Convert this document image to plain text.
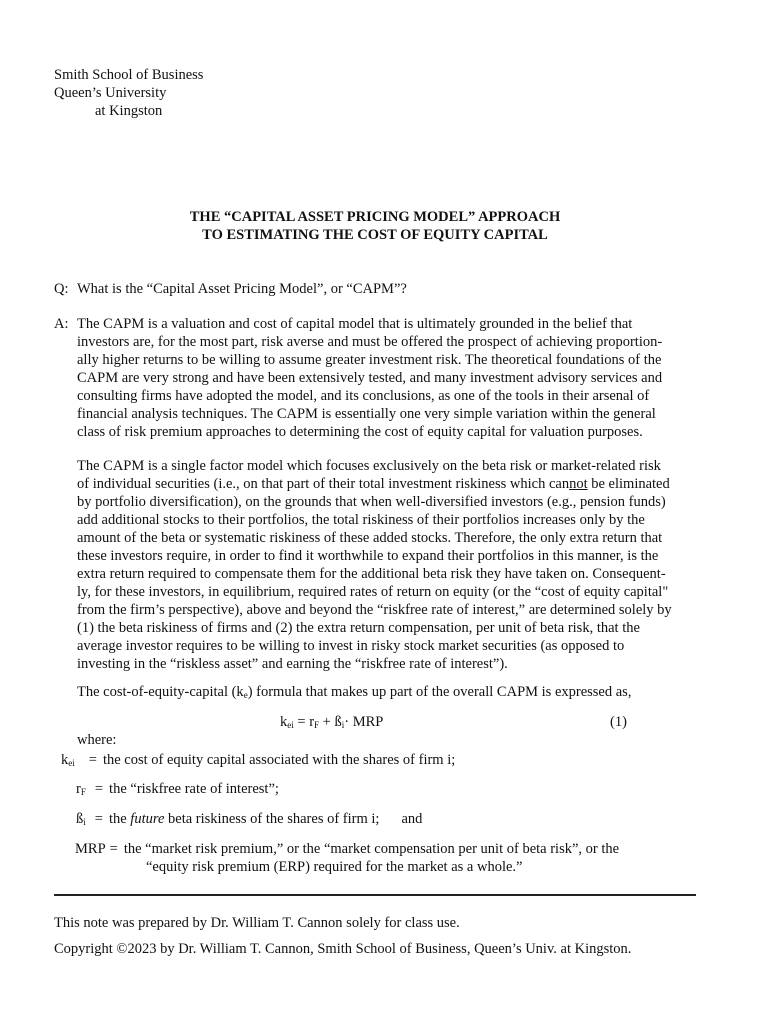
Smith School of Business
Queen’s University
at Kingston
THE “CAPITAL ASSET PRICING MODEL” APPROACH
TO ESTIMATING THE COST OF EQUITY CAPITAL
Q: What is the “Capital Asset Pricing Model”, or “CAPM”?
A: The CAPM is a valuation and cost of capital model that is ultimately grounded in the belief that
investors are, for the most part, risk averse and must be offered the prospect of achieving proportion-
ally higher returns to be willing to assume greater investment risk. The theoretical foundations of the
CAPM are very strong and have been extensively tested, and many investment advisory services and
consulting firms have adopted the model, and its conclusions, as one of the tools in their arsenal of
financial analysis techniques. The CAPM is essentially one very simple variation within the general
class of risk premium approaches to determining the cost of equity capital for valuation purposes.
The CAPM is a single factor model which focuses exclusively on the beta risk or market-related risk
of individual securities (i.e., on that part of their total investment riskiness which cannot be eliminated
by portfolio diversification), on the grounds that when well-diversified investors (e.g., pension funds)
add additional stocks to their portfolios, the total riskiness of their portfolios increases only by the
amount of the beta or systematic riskiness of these added stocks. Therefore, the only extra return that
these investors require, in order to find it worthwhile to expand their portfolios in this manner, is the
extra return required to compensate them for the additional beta risk they have taken on. Consequent-
ly, for these investors, in equilibrium, required rates of return on equity (or the “cost of equity capital"
from the firm’s perspective), above and beyond the “riskfree rate of interest,” are determined solely by
(1) the beta riskiness of firms and (2) the extra return compensation, per unit of beta risk, that the
average investor requires to be willing to invest in risky stock market securities (as opposed to
investing in the “riskless asset” and earning the “riskfree rate of interest”).
The cost-of-equity-capital $(k_e)$ formula that makes up part of the overall CAPM is expressed as,
$k_{ei} = r_F$ + $ß_i\cdot$ MRP	(1)
where:
$k_{ei}$ = the cost of equity capital associated with the shares of firm i;
$r_F$ = the “riskfree rate of interest”;
$ß_i$ = the future beta riskiness of the shares of firm i; and
MRP = the “market risk premium,” or the “market compensation per unit of beta risk”, or the
“equity risk premium (ERP) required for the market as a whole.”
This note was prepared by Dr. William T. Cannon solely for class use.
Copyright ©2023 by Dr. William T. Cannon, Smith School of Business, Queen’s Univ. at Kingston.
